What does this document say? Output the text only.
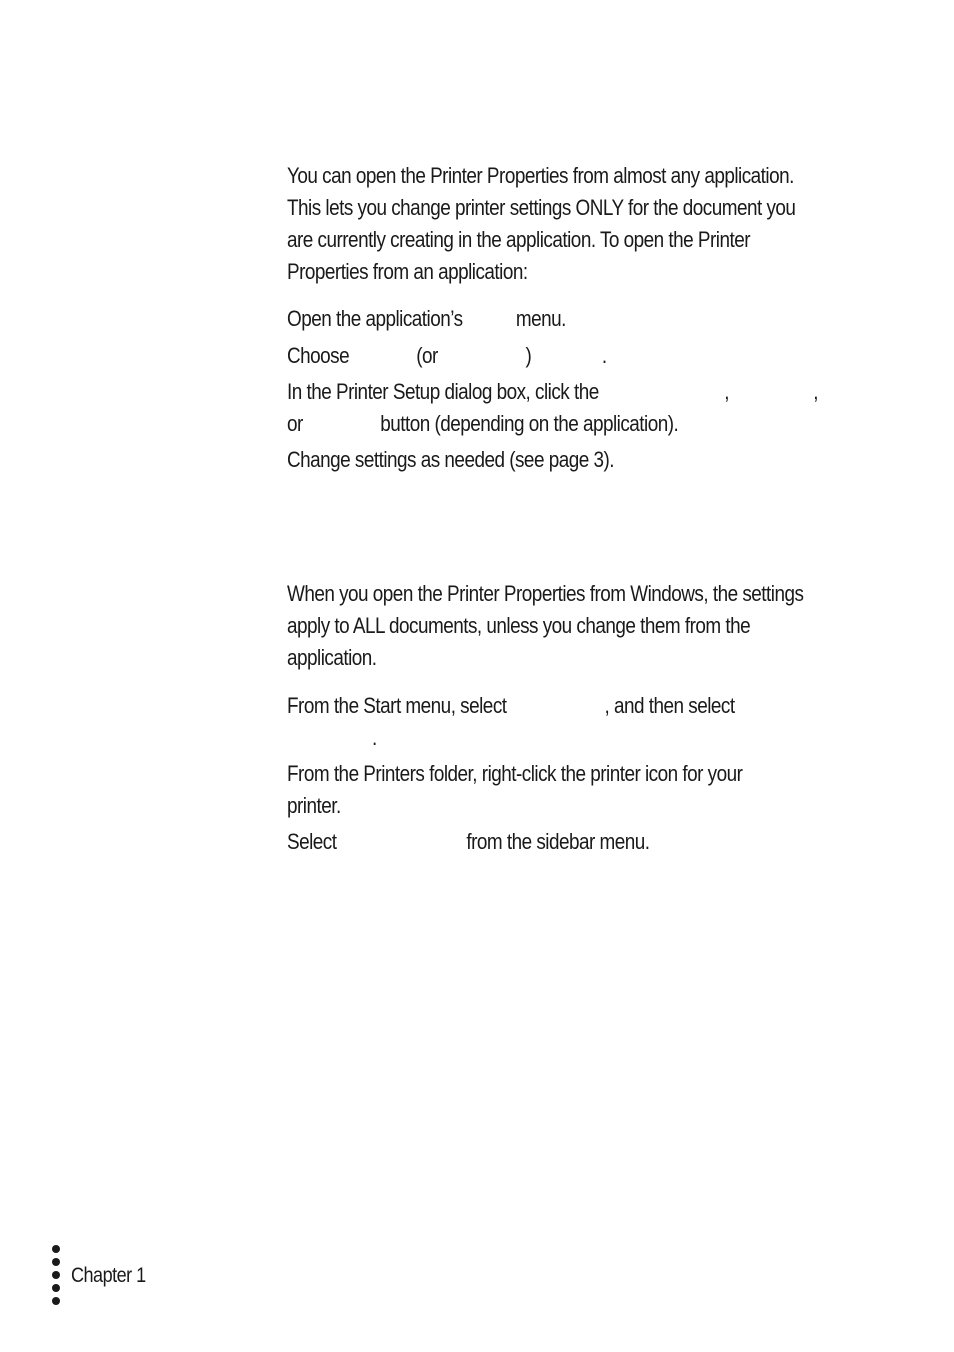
You can open the Printer Properties from almost any application.
This lets you change printer settings ONLY for the document you
are currently creating in the application. To open the Printer
Properties from an application:
Open the application’s menu.
Choose	(or	)	.
In the Printer Setup dialog box, click the	,	,
or	button (depending on the application).
Change settings as needed (see page 3).
When you open the Printer Properties from Windows, the settings
apply to ALL documents, unless you change them from the
application.
From the Start menu, select	, and then select
.
From the Printers folder, right-click the printer icon for your
printer.
Select	from the sidebar menu.
Chapter 1
